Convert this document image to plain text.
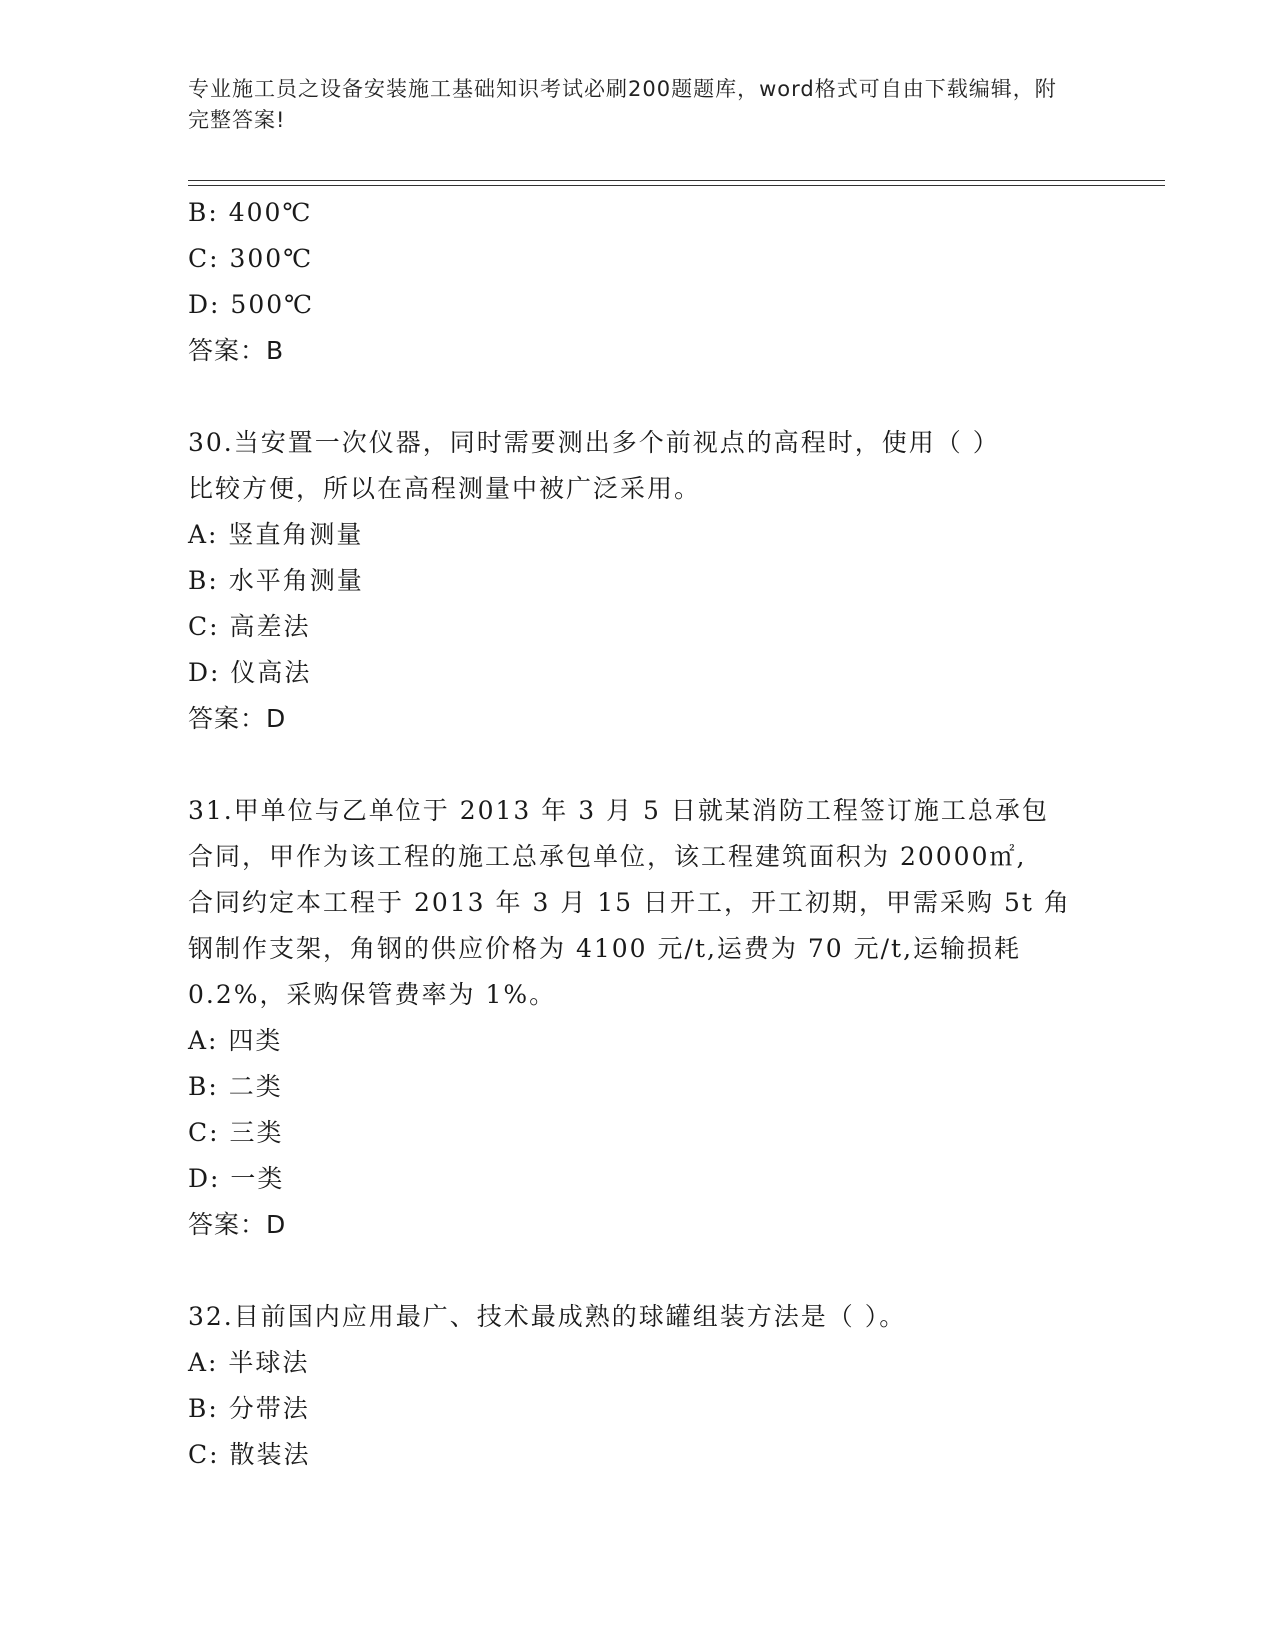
专业施工员之设备安装施工基础知识考试必刷200题题库，word格式可自由下载编辑，附完整答案!
B: 400℃
C: 300℃
D: 500℃
答案：B
30.当安置一次仪器，同时需要测出多个前视点的高程时，使用（ ）
比较方便，所以在高程测量中被广泛采用。
A: 竖直角测量
B: 水平角测量
C: 高差法
D: 仪高法
答案：D
31.甲单位与乙单位于 2013 年 3 月 5 日就某消防工程签订施工总承包
合同，甲作为该工程的施工总承包单位，该工程建筑面积为 20000㎡,
合同约定本工程于 2013 年 3 月 15 日开工，开工初期，甲需采购 5t 角
钢制作支架，角钢的供应价格为 4100 元/t,运费为 70 元/t,运输损耗
0.2%，采购保管费率为 1%。
A: 四类
B: 二类
C: 三类
D: 一类
答案：D
32.目前国内应用最广、技术最成熟的球罐组装方法是（ ）。
A: 半球法
B: 分带法
C: 散装法
